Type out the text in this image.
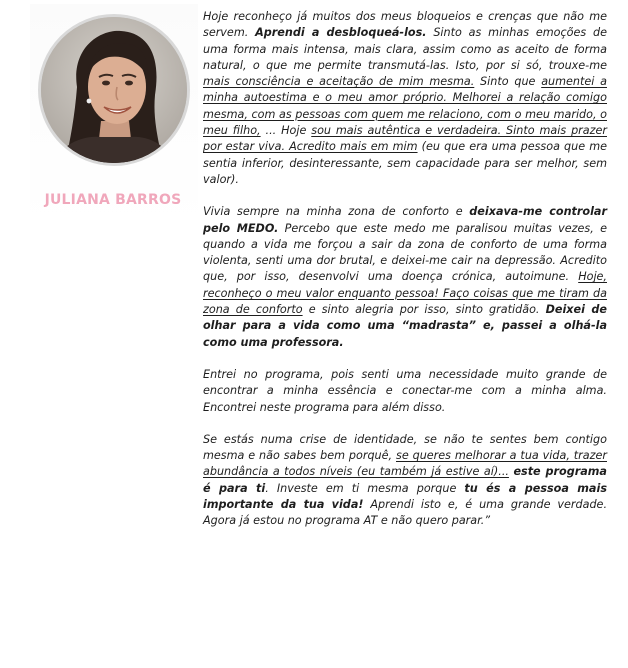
JULIANA BARROS

Hoje reconheço já muitos dos meus bloqueios e crenças que não me servem. Aprendi a desbloqueá-los. Sinto as minhas emoções de uma forma mais intensa, mais clara, assim como as aceito de forma natural, o que me permite transmutá-las. Isto, por si só, trouxe-me mais consciência e aceitação de mim mesma. Sinto que aumentei a minha autoestima e o meu amor próprio. Melhorei a relação comigo mesma, com as pessoas com quem me relaciono, com o meu marido, o meu filho, ... Hoje sou mais autêntica e verdadeira. Sinto mais prazer por estar viva. Acredito mais em mim (eu que era uma pessoa que me sentia inferior, desinteressante, sem capacidade para ser melhor, sem valor).

Vivia sempre na minha zona de conforto e deixava-me controlar pelo MEDO. Percebo que este medo me paralisou muitas vezes, e quando a vida me forçou a sair da zona de conforto de uma forma violenta, senti uma dor brutal, e deixei-me cair na depressão. Acredito que, por isso, desenvolvi uma doença crónica, autoimune. Hoje, reconheço o meu valor enquanto pessoa! Faço coisas que me tiram da zona de conforto e sinto alegria por isso, sinto gratidão. Deixei de olhar para a vida como uma “madrasta” e, passei a olhá-la como uma professora.

Entrei no programa, pois senti uma necessidade muito grande de encontrar a minha essência e conectar-me com a minha alma. Encontrei neste programa para além disso.

Se estás numa crise de identidade, se não te sentes bem contigo mesma e não sabes bem porquê, se queres melhorar a tua vida, trazer abundância a todos níveis (eu também já estive aí)... este programa é para ti. Investe em ti mesma porque tu és a pessoa mais importante da tua vida! Aprendi isto e, é uma grande verdade. Agora já estou no programa AT e não quero parar.”
